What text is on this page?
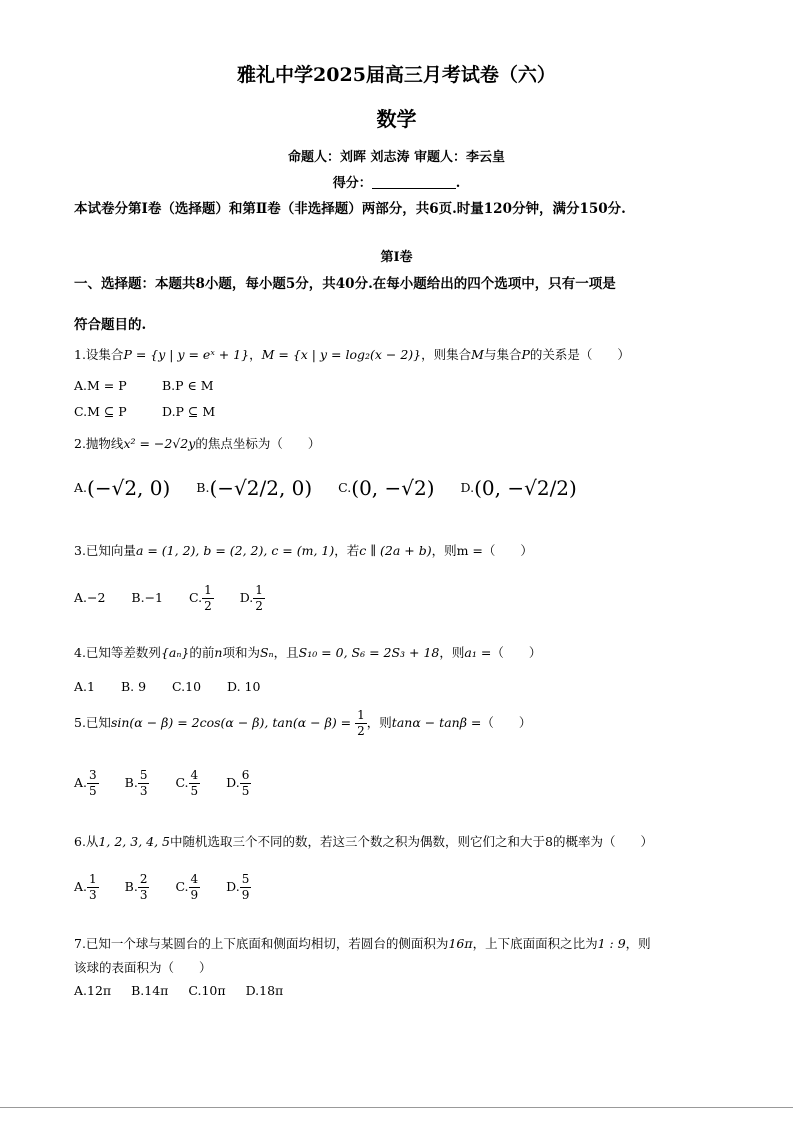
雅礼中学2025届高三月考试卷（六）
数学
命题人：刘晖 刘志涛 审题人：李云皇
得分：	.
本试卷分第I卷（选择题）和第Ⅱ卷（非选择题）两部分，共6页.时量120分钟，满分150分.
第I卷
一、选择题：本题共8小题，每小题5分，共40分.在每小题给出的四个选项中，只有一项是
符合题目的.
1.设集合P = {y | y = eˣ + 1}，M = {x | y = log₂(x − 2)}，则集合M与集合P的关系是（　　）
A.M = P	B.P ∈ M
C.M ⊆ P	D.P ⊆ M
2.抛物线x² = −2√2y的焦点坐标为（　　）
A.(−√2, 0) B.(−√2/2, 0) C.(0, −√2) D.(0, −√2/2)
3.已知向量a = (1, 2), b = (2, 2), c = (m, 1)，若c ∥ (2a + b)，则m =（　　）
A.−2 B.−1 C. $\frac{1}{2} D$. $\frac{1}{2}$
4.已知等差数列{aₙ}的前n项和为Sₙ，且S₁₀ = 0, S₆ = 2S₃ + 18，则a₁ =（　　）
A.1 B. 9 C.10 D. 10
5.已知sin(α − β) = 2cos(α − β), $\tan(\alpha - \beta) = \frac{1}{2}$ ，则tanα − tanβ =（　　）
A. $\frac{3}{5} B$. $\frac{5}{3} C$. $\frac{4}{5} D$. $\frac{6}{5}$
6.从1, 2, 3, 4, 5中随机选取三个不同的数，若这三个数之积为偶数，则它们之和大于8的概率为（　　）
A. $\frac{1}{3} B$. $\frac{2}{3} C$. $\frac{4}{9} D$. $\frac{5}{9}$
7.已知一个球与某圆台的上下底面和侧面均相切，若圆台的侧面积为16π，上下底面面积之比为1 : 9，则
该球的表面积为（　　）
A.12π B.14π C.10π D.18π
